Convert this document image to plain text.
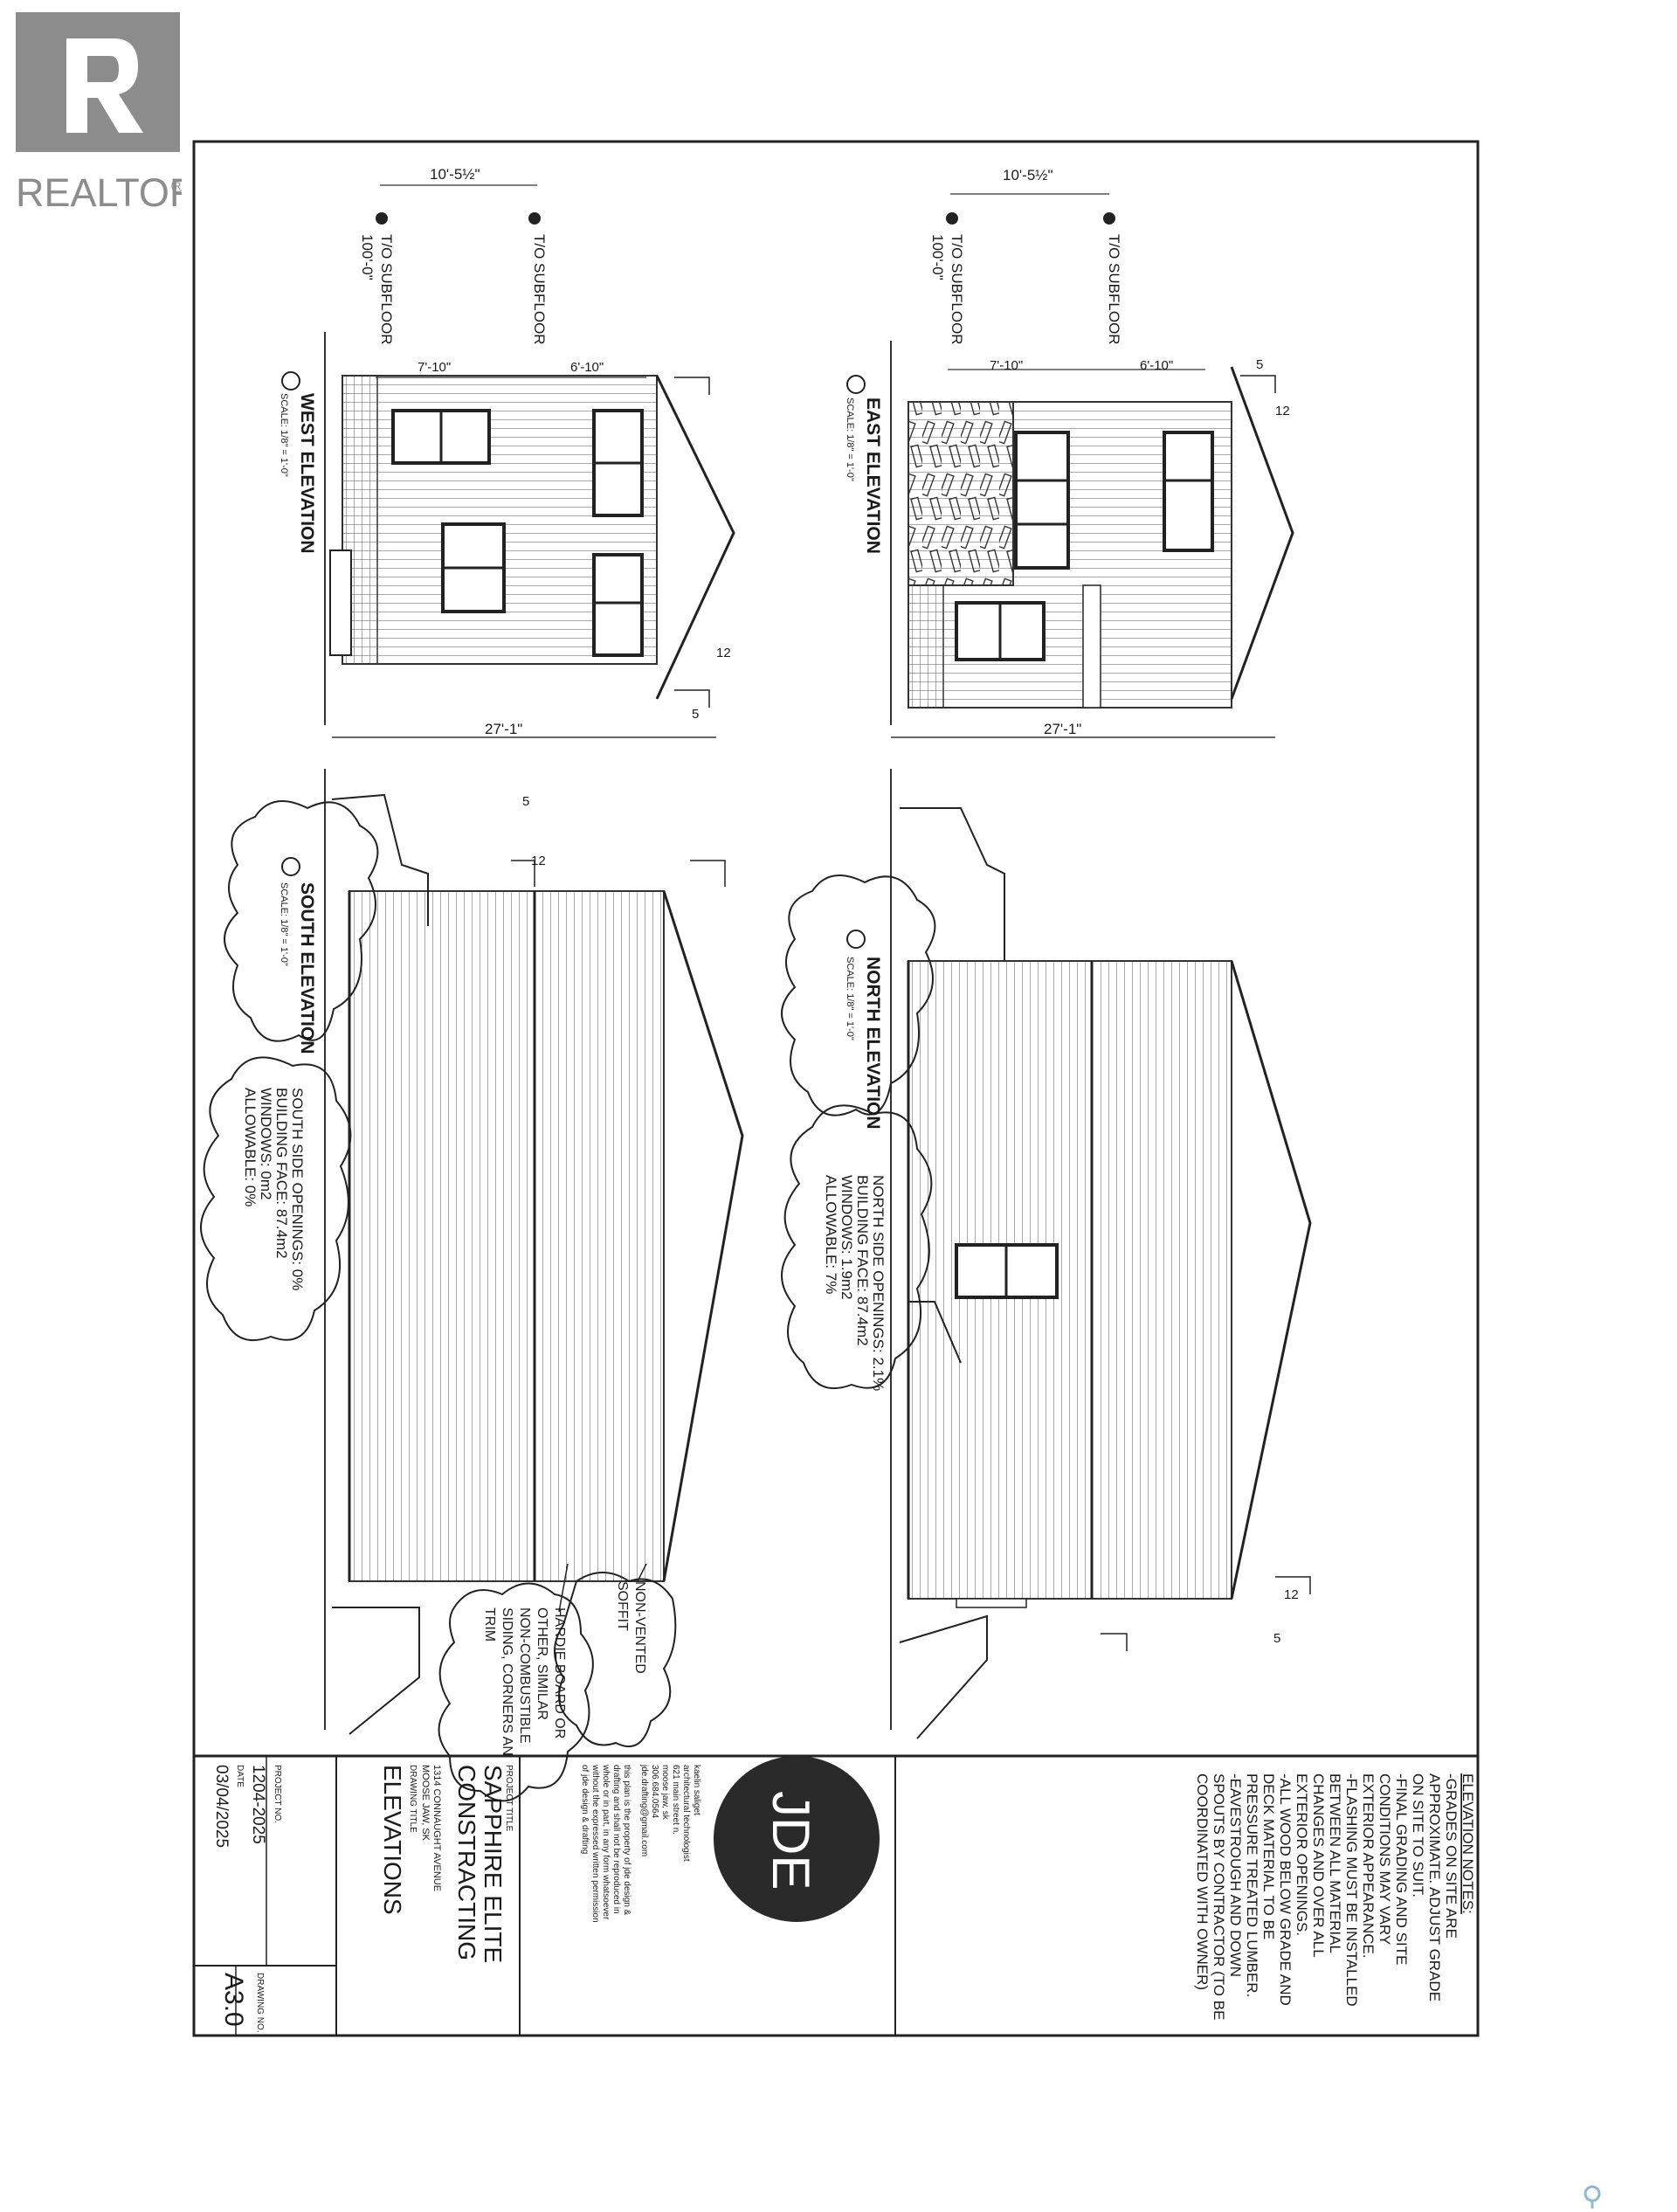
REALTOR
®
WEST ELEVATION
SCALE: 1/8" = 1'-0"
27'-1"
10'-5½"
T/O SUBFLOOR
100'-0"	T/O SUBFLOOR
7'-10"	6'-10"
5
12
EAST ELEVATION
SCALE: 1/8" = 1'-0"
27'-1"
10'-5½"
T/O SUBFLOOR
100'-0"	T/O SUBFLOOR
7'-10"	6'-10"	5
12
SOUTH ELEVATION
SCALE: 1/8" = 1'-0"
SOUTH SIDE OPENINGS: 0%
BUILDING FACE: 87.4m2
WINDOWS: 0m2
ALLOWABLE: 0%
5
12
NORTH ELEVATION
SCALE: 1/8" = 1'-0"
NORTH SIDE OPENINGS: 2.1%
BUILDING FACE: 87.4m2
WINDOWS: 1.9m2
ALLOWABLE: 7%
5
12
NON-VENTED
SOFFIT
HARDIE BOARD OR
OTHER, SIMILAR
NON-COMBUSTIBLE
SIDING, CORNERS AN
TRIM
ELEVATION NOTES:
-GRADES ON SITE ARE
APPROXIMATE. ADJUST GRADE
ON SITE TO SUIT.
-FINAL GRADING AND SITE
CONDITIONS MAY VARY
EXTERIOR APPEARANCE.
-FLASHING MUST BE INSTALLED
BETWEEN ALL MATERIAL
CHANGES AND OVER ALL
EXTERIOR OPENINGS.
-ALL WOOD BELOW GRADE AND
DECK MATERIAL TO BE
PRESSURE TREATED LUMBER.
-EAVESTROUGH AND DOWN
SPOUTS BY CONTRACTOR (TO BE
COORDINATED WITH OWNER)
JDE
kaelin saliget
architectural technologist
621 main street n.
moose jaw, sk
306.684.0564
jde.drafting@gmail.com
this plan is the property of jde design &
drafting and shall not be reproduced in
whole or in part, in any form whatsoever
without the expressed written permission
of jde design & drafting
PROJECT TITLE
SAPPHIRE ELITE
CONSTRACTING
1314 CONNAUGHT AVENUE
MOOSE JAW, SK
DRAWING TITLE
ELEVATIONS
PROJECT NO.
1204-2025
DATE
03/04/2025
DRAWING NO.
A3.0
